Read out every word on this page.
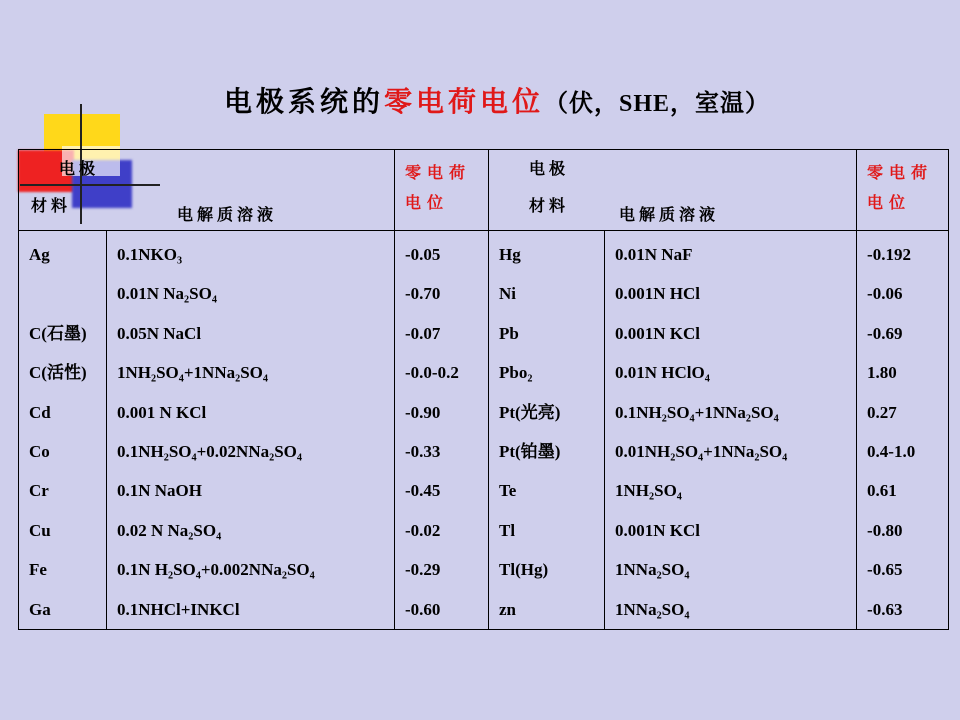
电极系统的零电荷电位（伏，SHE，室温）
电极
材料 电解质溶液		零电荷电位	电极
材料 电解质溶液		零电荷电位
Ag	0.1NKO₃	-0.05	Hg	0.01N NaF	-0.192
	0.01N Na₂SO₄	-0.70	Ni	0.001N HCl	-0.06
C(石墨)	0.05N NaCl	-0.07	Pb	0.001N KCl	-0.69
C(活性)	1NH₂SO₄+1NNa₂SO₄	-0.0-0.2	Pbo₂	0.01N HClO₄	1.80
Cd	0.001 N KCl	-0.90	Pt(光亮)	0.1NH₂SO₄+1NNa₂SO₄	0.27
Co	0.1NH₂SO₄+0.02NNa₂SO₄	-0.33	Pt(铂墨)	0.01NH₂SO₄+1NNa₂SO₄	0.4-1.0
Cr	0.1N NaOH	-0.45	Te	1NH₂SO₄	0.61
Cu	0.02 N Na₂SO₄	-0.02	Tl	0.001N KCl	-0.80
Fe	0.1N H₂SO₄+0.002NNa₂SO₄	-0.29	Tl(Hg)	1NNa₂SO₄	-0.65
Ga	0.1NHCl+INKCl	-0.60	zn	1NNa₂SO₄	-0.63
